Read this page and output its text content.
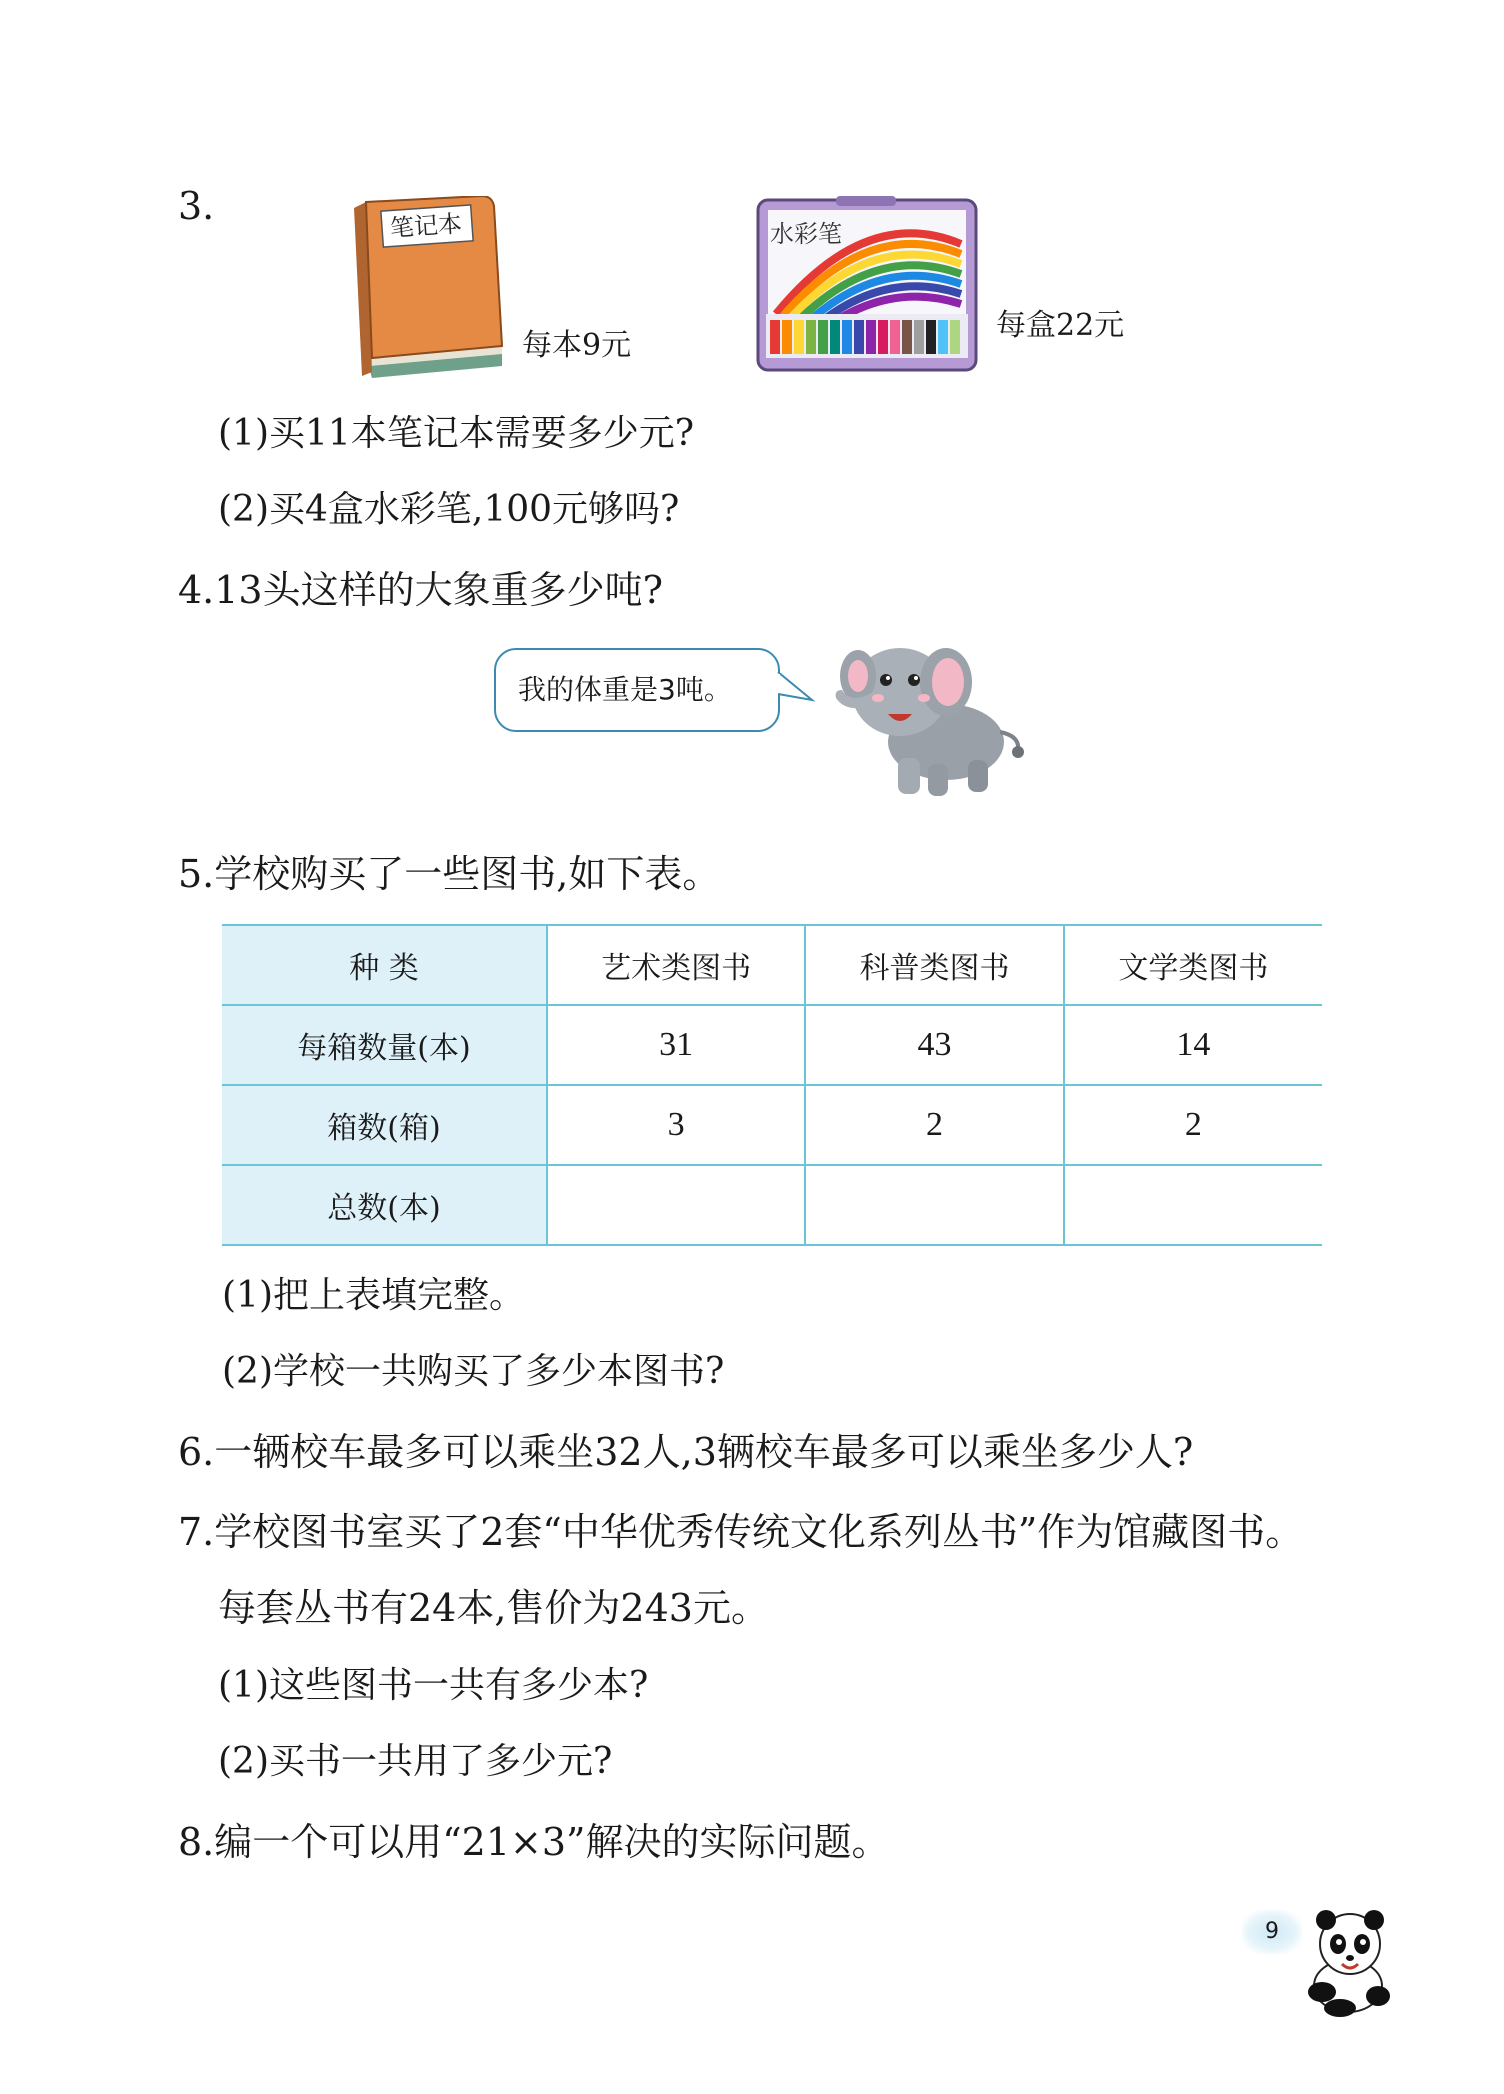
3.	笔记本
每本9元
水彩笔
每盒22元
(1)买11本笔记本需要多少元?
(2)买4盒水彩笔,100元够吗?
4.13头这样的大象重多少吨?
我的体重是3吨。
5.学校购买了一些图书,如下表。
种 类	艺术类图书	科普类图书	文学类图书
每箱数量(本)	31	43	14
箱数(箱)	3	2	2
总数(本)			
(1)把上表填完整。
(2)学校一共购买了多少本图书?
6.一辆校车最多可以乘坐32人,3辆校车最多可以乘坐多少人?
7.学校图书室买了2套“中华优秀传统文化系列丛书”作为馆藏图书。
每套丛书有24本,售价为243元。
(1)这些图书一共有多少本?
(2)买书一共用了多少元?
8.编一个可以用“21×3”解决的实际问题。
9
